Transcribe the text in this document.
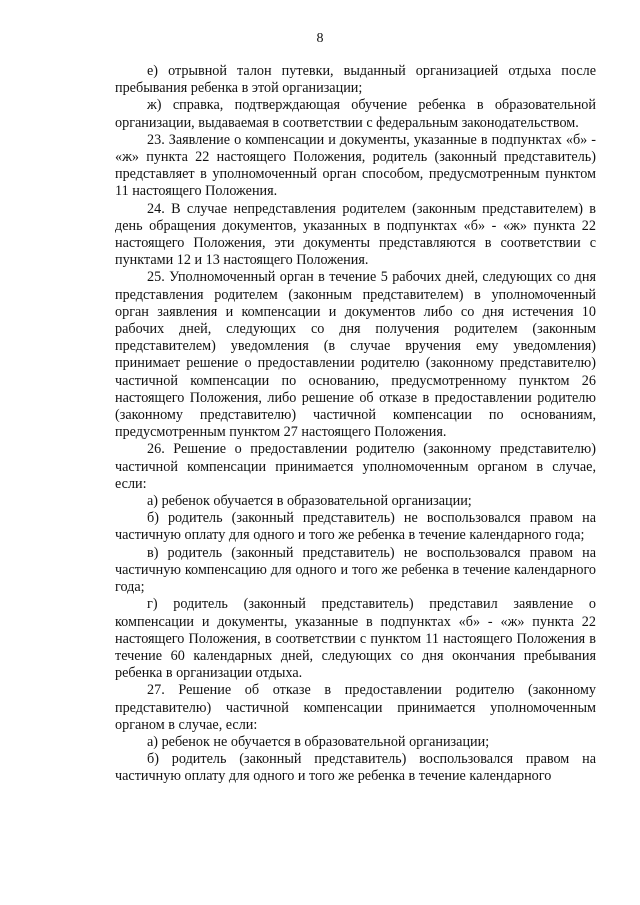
8

е) отрывной талон путевки, выданный организацией отдыха после пребывания ребенка в этой организации;

ж) справка, подтверждающая обучение ребенка в образовательной организации, выдаваемая в соответствии с федеральным законодательством.

23. Заявление о компенсации и документы, указанные в подпунктах «б» - «ж» пункта 22 настоящего Положения, родитель (законный представитель) представляет в уполномоченный орган способом, предусмотренным пунктом 11 настоящего Положения.

24. В случае непредставления родителем (законным представителем) в день обращения документов, указанных в подпунктах «б» - «ж» пункта 22 настоящего Положения, эти документы представляются в соответствии с пунктами 12 и 13 настоящего Положения.

25. Уполномоченный орган в течение 5 рабочих дней, следующих со дня представления родителем (законным представителем) в уполномоченный орган заявления и компенсации и документов либо со дня истечения 10 рабочих дней, следующих со дня получения родителем (законным представителем) уведомления (в случае вручения ему уведомления) принимает решение о предоставлении родителю (законному представителю) частичной компенсации по основанию, предусмотренному пунктом 26 настоящего Положения, либо решение об отказе в предоставлении родителю (законному представителю) частичной компенсации по основаниям, предусмотренным пунктом 27 настоящего Положения.

26. Решение о предоставлении родителю (законному представителю) частичной компенсации принимается уполномоченным органом в случае, если:

а) ребенок обучается в образовательной организации;

б) родитель (законный представитель) не воспользовался правом на частичную оплату для одного и того же ребенка в течение календарного года;

в) родитель (законный представитель) не воспользовался правом на частичную компенсацию для одного и того же ребенка в течение календарного года;

г) родитель (законный представитель) представил заявление о компенсации и документы, указанные в подпунктах «б» - «ж» пункта 22 настоящего Положения, в соответствии с пунктом 11 настоящего Положения в течение 60 календарных дней, следующих со дня окончания пребывания ребенка в организации отдыха.

27. Решение об отказе в предоставлении родителю (законному представителю) частичной компенсации принимается уполномоченным органом в случае, если:

а) ребенок не обучается в образовательной организации;

б) родитель (законный представитель) воспользовался правом на частичную оплату для одного и того же ребенка в течение календарного
